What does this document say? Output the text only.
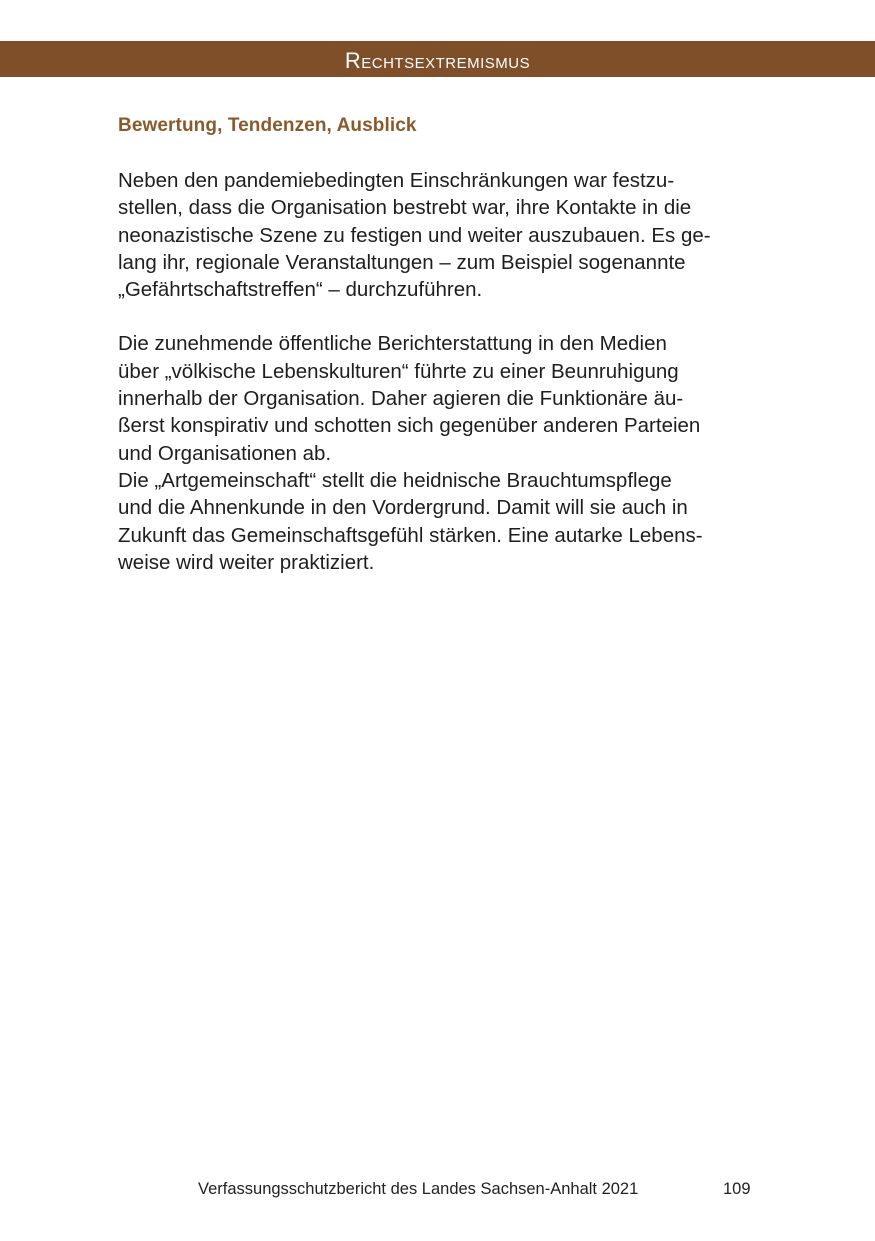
Rechtsextremismus
Bewertung, Tendenzen, Ausblick

Neben den pandemiebedingten Einschränkungen war festzu-
stellen, dass die Organisation bestrebt war, ihre Kontakte in die
neonazistische Szene zu festigen und weiter auszubauen. Es ge-
lang ihr, regionale Veranstaltungen – zum Beispiel sogenannte
„Gefährtschaftstreffen“ – durchzuführen.

Die zunehmende öffentliche Berichterstattung in den Medien
über „völkische Lebenskulturen“ führte zu einer Beunruhigung
innerhalb der Organisation. Daher agieren die Funktionäre äu-
ßerst konspirativ und schotten sich gegenüber anderen Parteien
und Organisationen ab.

Die „Artgemeinschaft“ stellt die heidnische Brauchtumspflege
und die Ahnenkunde in den Vordergrund. Damit will sie auch in
Zukunft das Gemeinschaftsgefühl stärken. Eine autarke Lebens-
weise wird weiter praktiziert.

Verfassungsschutzbericht des Landes Sachsen-Anhalt 2021	109
